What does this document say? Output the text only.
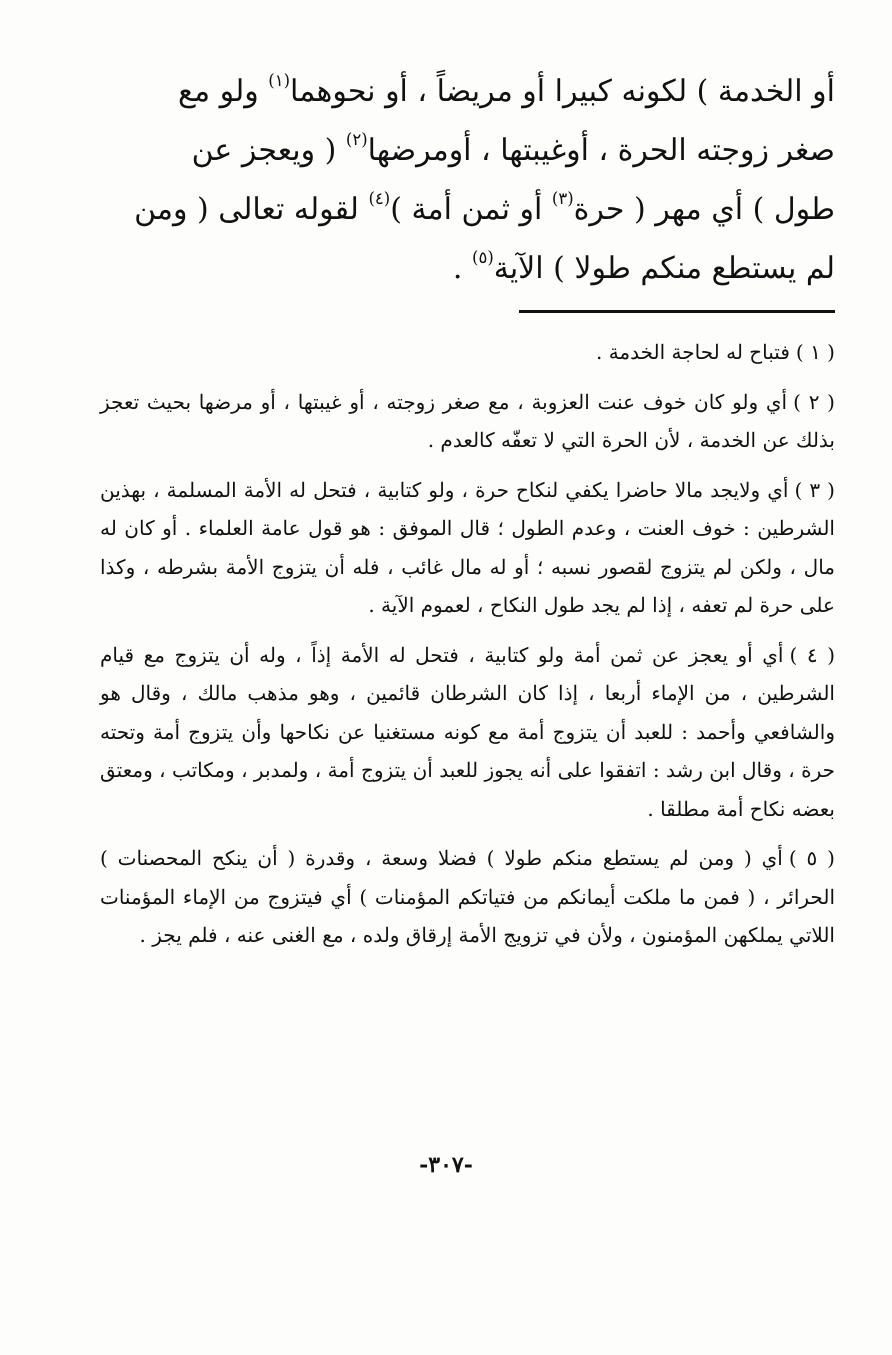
أو الخدمة ) لكونه كبيرا أو مريضاً ، أو نحوهما$^{(١)}$ ولو مع

صغر زوجته الحرة ، أوغيبتها ، أومرضها$^{(٢)}$ ( ويعجز عن

طول ) أي مهر ( حرة$^{(٣)}$ أو ثمن أمة )$^{(٤)}$ لقوله تعالى ( ومن

لم يستطع منكم طولا ) الآية$^{(٥)}$ .

( ١ )فتباح له لحاجة الخدمة .

( ٢ )أي ولو كان خوف عنت العزوبة ، مع صغر زوجته ، أو غيبتها ، أو مرضها بحيث تعجز بذلك عن الخدمة ، لأن الحرة التي لا تعفّه كالعدم .

( ٣ )أي ولايجد مالا حاضرا يكفي لنكاح حرة ، ولو كتابية ، فتحل له الأمة المسلمة ، بهذين الشرطين : خوف العنت ، وعدم الطول ؛ قال الموفق : هو قول عامة العلماء . أو كان له مال ، ولكن لم يتزوج لقصور نسبه ؛ أو له مال غائب ، فله أن يتزوج الأمة بشرطه ، وكذا على حرة لم تعفه ، إذا لم يجد طول النكاح ، لعموم الآية .

( ٤ )أي أو يعجز عن ثمن أمة ولو كتابية ، فتحل له الأمة إذاً ، وله أن يتزوج مع قيام الشرطين ، من الإماء أربعا ، إذا كان الشرطان قائمين ، وهو مذهب مالك ، وقال هو والشافعي وأحمد : للعبد أن يتزوج أمة مع كونه مستغنيا عن نكاحها وأن يتزوج أمة وتحته حرة ، وقال ابن رشد : اتفقوا على أنه يجوز للعبد أن يتزوج أمة ، ولمدبر ، ومكاتب ، ومعتق بعضه نكاح أمة مطلقا .

( ٥ )أي ( ومن لم يستطع منكم طولا ) فضلا وسعة ، وقدرة ( أن ينكح المحصنات ) الحرائر ، ( فمن ما ملكت أيمانكم من فتياتكم المؤمنات ) أي فيتزوج من الإماء المؤمنات اللاتي يملكهن المؤمنون ، ولأن في تزويج الأمة إرقاق ولده ، مع الغنى عنه ، فلم يجز .

-٣٠٧-
